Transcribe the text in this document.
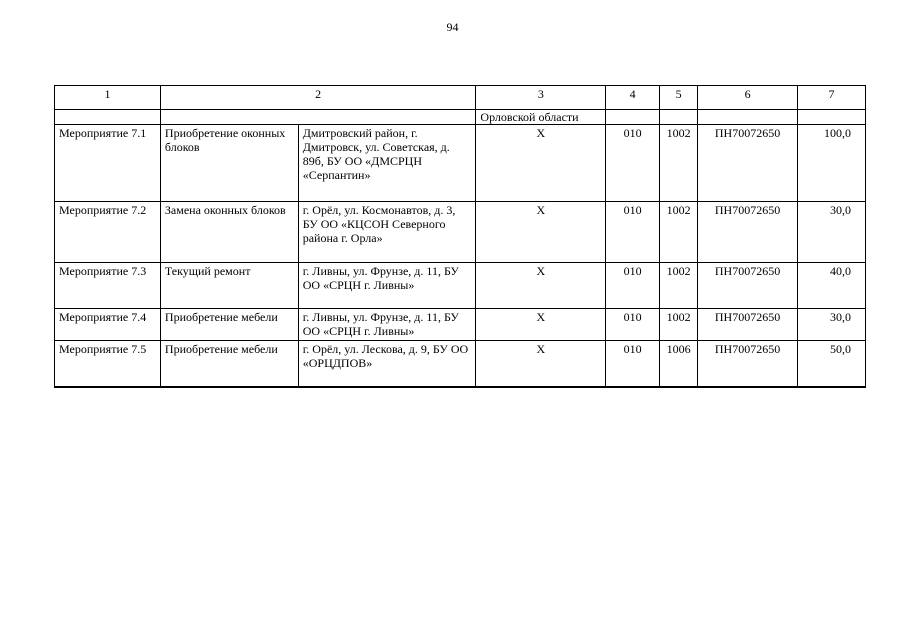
94
1	2		3	4	5	6	7
			Орловской области				
Мероприятие 7.1	Приобретение оконных блоков	Дмитровский район, г. Дмитровск, ул. Советская, д. 89б, БУ ОО «ДМСРЦН «Серпантин»	X	010	1002	ПН70072650	100,0
Мероприятие 7.2	Замена оконных блоков	г. Орёл, ул. Космонавтов, д. 3, БУ ОО «КЦСОН Северного района г. Орла»	X	010	1002	ПН70072650	30,0
Мероприятие 7.3	Текущий ремонт	г. Ливны, ул. Фрунзе, д. 11, БУ ОО «СРЦН г. Ливны»	X	010	1002	ПН70072650	40,0
Мероприятие 7.4	Приобретение мебели	г. Ливны, ул. Фрунзе, д. 11, БУ ОО «СРЦН г. Ливны»	X	010	1002	ПН70072650	30,0
Мероприятие 7.5	Приобретение мебели	г. Орёл, ул. Лескова, д. 9, БУ ОО «ОРЦДПОВ»	X	010	1006	ПН70072650	50,0
